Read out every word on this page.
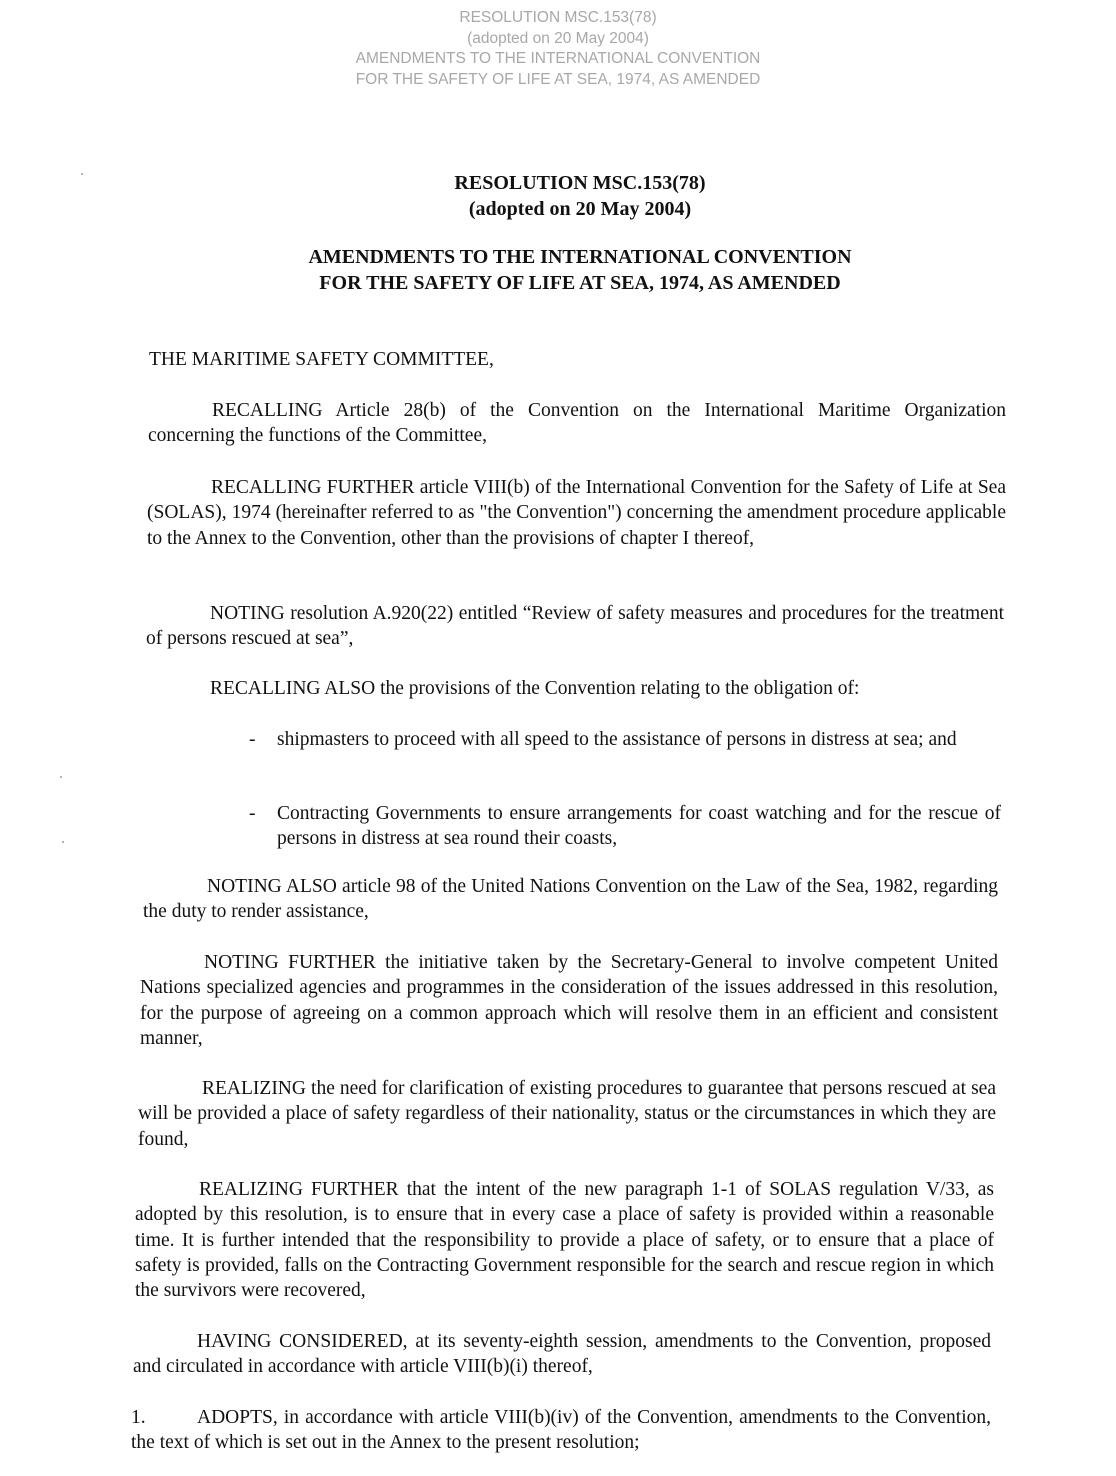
RESOLUTION MSC.153(78)
(adopted on 20 May 2004)
AMENDMENTS TO THE INTERNATIONAL CONVENTION
FOR THE SAFETY OF LIFE AT SEA, 1974, AS AMENDED
RESOLUTION MSC.153(78)
(adopted on 20 May 2004)
AMENDMENTS TO THE INTERNATIONAL CONVENTION
FOR THE SAFETY OF LIFE AT SEA, 1974, AS AMENDED
THE MARITIME SAFETY COMMITTEE,
RECALLING Article 28(b) of the Convention on the International Maritime Organization concerning the functions of the Committee,
RECALLING FURTHER article VIII(b) of the International Convention for the Safety of Life at Sea (SOLAS), 1974 (hereinafter referred to as "the Convention") concerning the amendment procedure applicable to the Annex to the Convention, other than the provisions of chapter I thereof,
NOTING resolution A.920(22) entitled “Review of safety measures and procedures for the treatment of persons rescued at sea”,
RECALLING ALSO the provisions of the Convention relating to the obligation of:
- shipmasters to proceed with all speed to the assistance of persons in distress at sea; and
- Contracting Governments to ensure arrangements for coast watching and for the rescue of persons in distress at sea round their coasts,
NOTING ALSO article 98 of the United Nations Convention on the Law of the Sea, 1982, regarding the duty to render assistance,
NOTING FURTHER the initiative taken by the Secretary-General to involve competent United Nations specialized agencies and programmes in the consideration of the issues addressed in this resolution, for the purpose of agreeing on a common approach which will resolve them in an efficient and consistent manner,
REALIZING the need for clarification of existing procedures to guarantee that persons rescued at sea will be provided a place of safety regardless of their nationality, status or the circumstances in which they are found,
REALIZING FURTHER that the intent of the new paragraph 1-1 of SOLAS regulation V/33, as adopted by this resolution, is to ensure that in every case a place of safety is provided within a reasonable time. It is further intended that the responsibility to provide a place of safety, or to ensure that a place of safety is provided, falls on the Contracting Government responsible for the search and rescue region in which the survivors were recovered,
HAVING CONSIDERED, at its seventy-eighth session, amendments to the Convention, proposed and circulated in accordance with article VIII(b)(i) thereof,
1.	ADOPTS, in accordance with article VIII(b)(iv) of the Convention, amendments to the Convention, the text of which is set out in the Annex to the present resolution;
